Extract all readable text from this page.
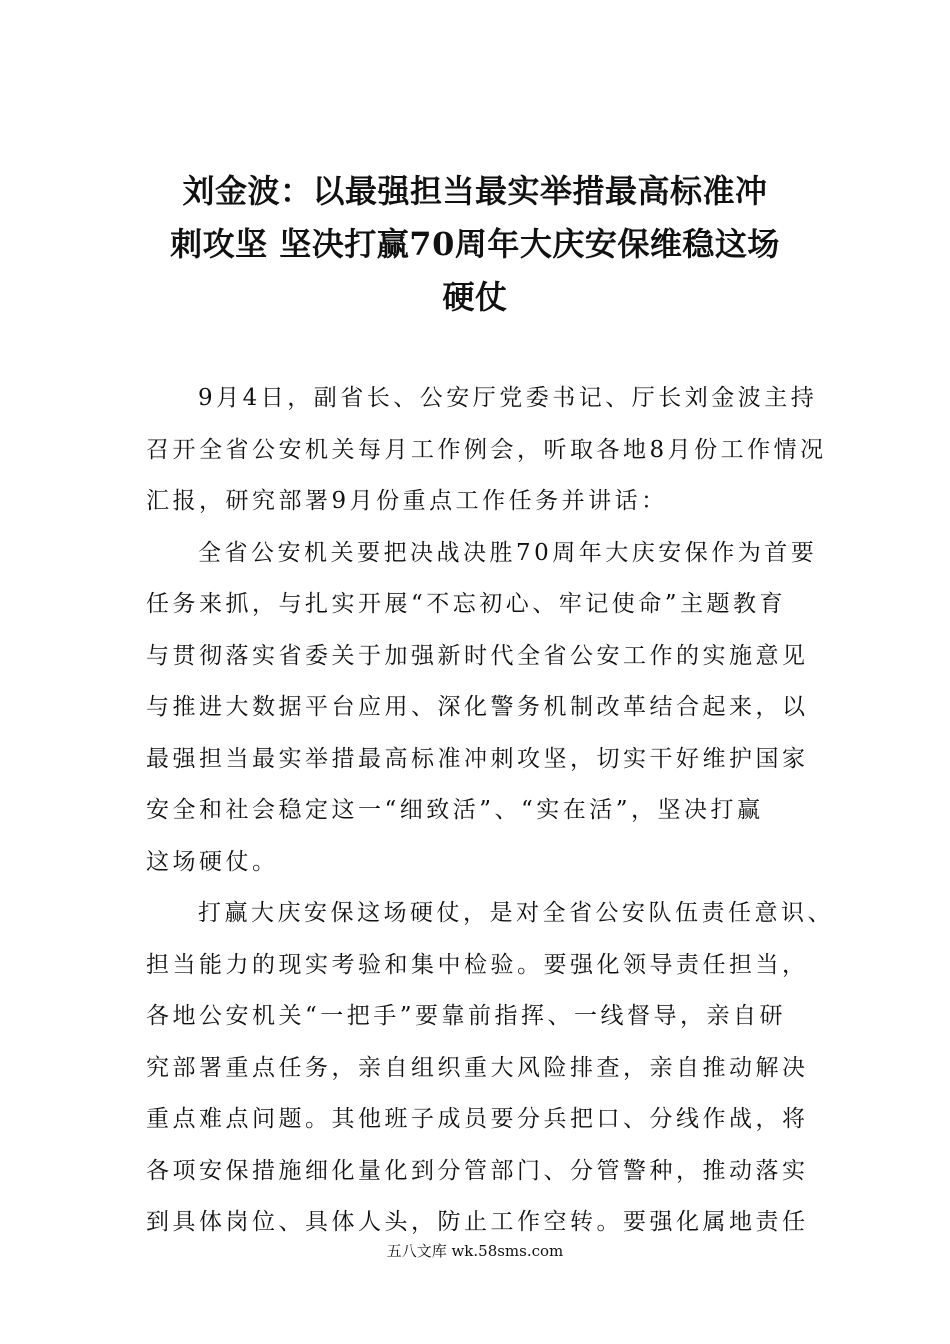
刘金波：以最强担当最实举措最高标准冲
刺攻坚 坚决打赢70周年大庆安保维稳这场
硬仗
9月4日，副省长、公安厅党委书记、厅长刘金波主持
召开全省公安机关每月工作例会，听取各地8月份工作情况
汇报，研究部署9月份重点工作任务并讲话：
全省公安机关要把决战决胜70周年大庆安保作为首要
任务来抓，与扎实开展“不忘初心、牢记使命”主题教育
与贯彻落实省委关于加强新时代全省公安工作的实施意见
与推进大数据平台应用、深化警务机制改革结合起来，以
最强担当最实举措最高标准冲刺攻坚，切实干好维护国家
安全和社会稳定这一“细致活”、“实在活”，坚决打赢
这场硬仗。
打赢大庆安保这场硬仗，是对全省公安队伍责任意识、
担当能力的现实考验和集中检验。要强化领导责任担当，
各地公安机关“一把手”要靠前指挥、一线督导，亲自研
究部署重点任务，亲自组织重大风险排查，亲自推动解决
重点难点问题。其他班子成员要分兵把口、分线作战，将
各项安保措施细化量化到分管部门、分管警种，推动落实
到具体岗位、具体人头，防止工作空转。要强化属地责任
五八文库 wk.58sms.com
